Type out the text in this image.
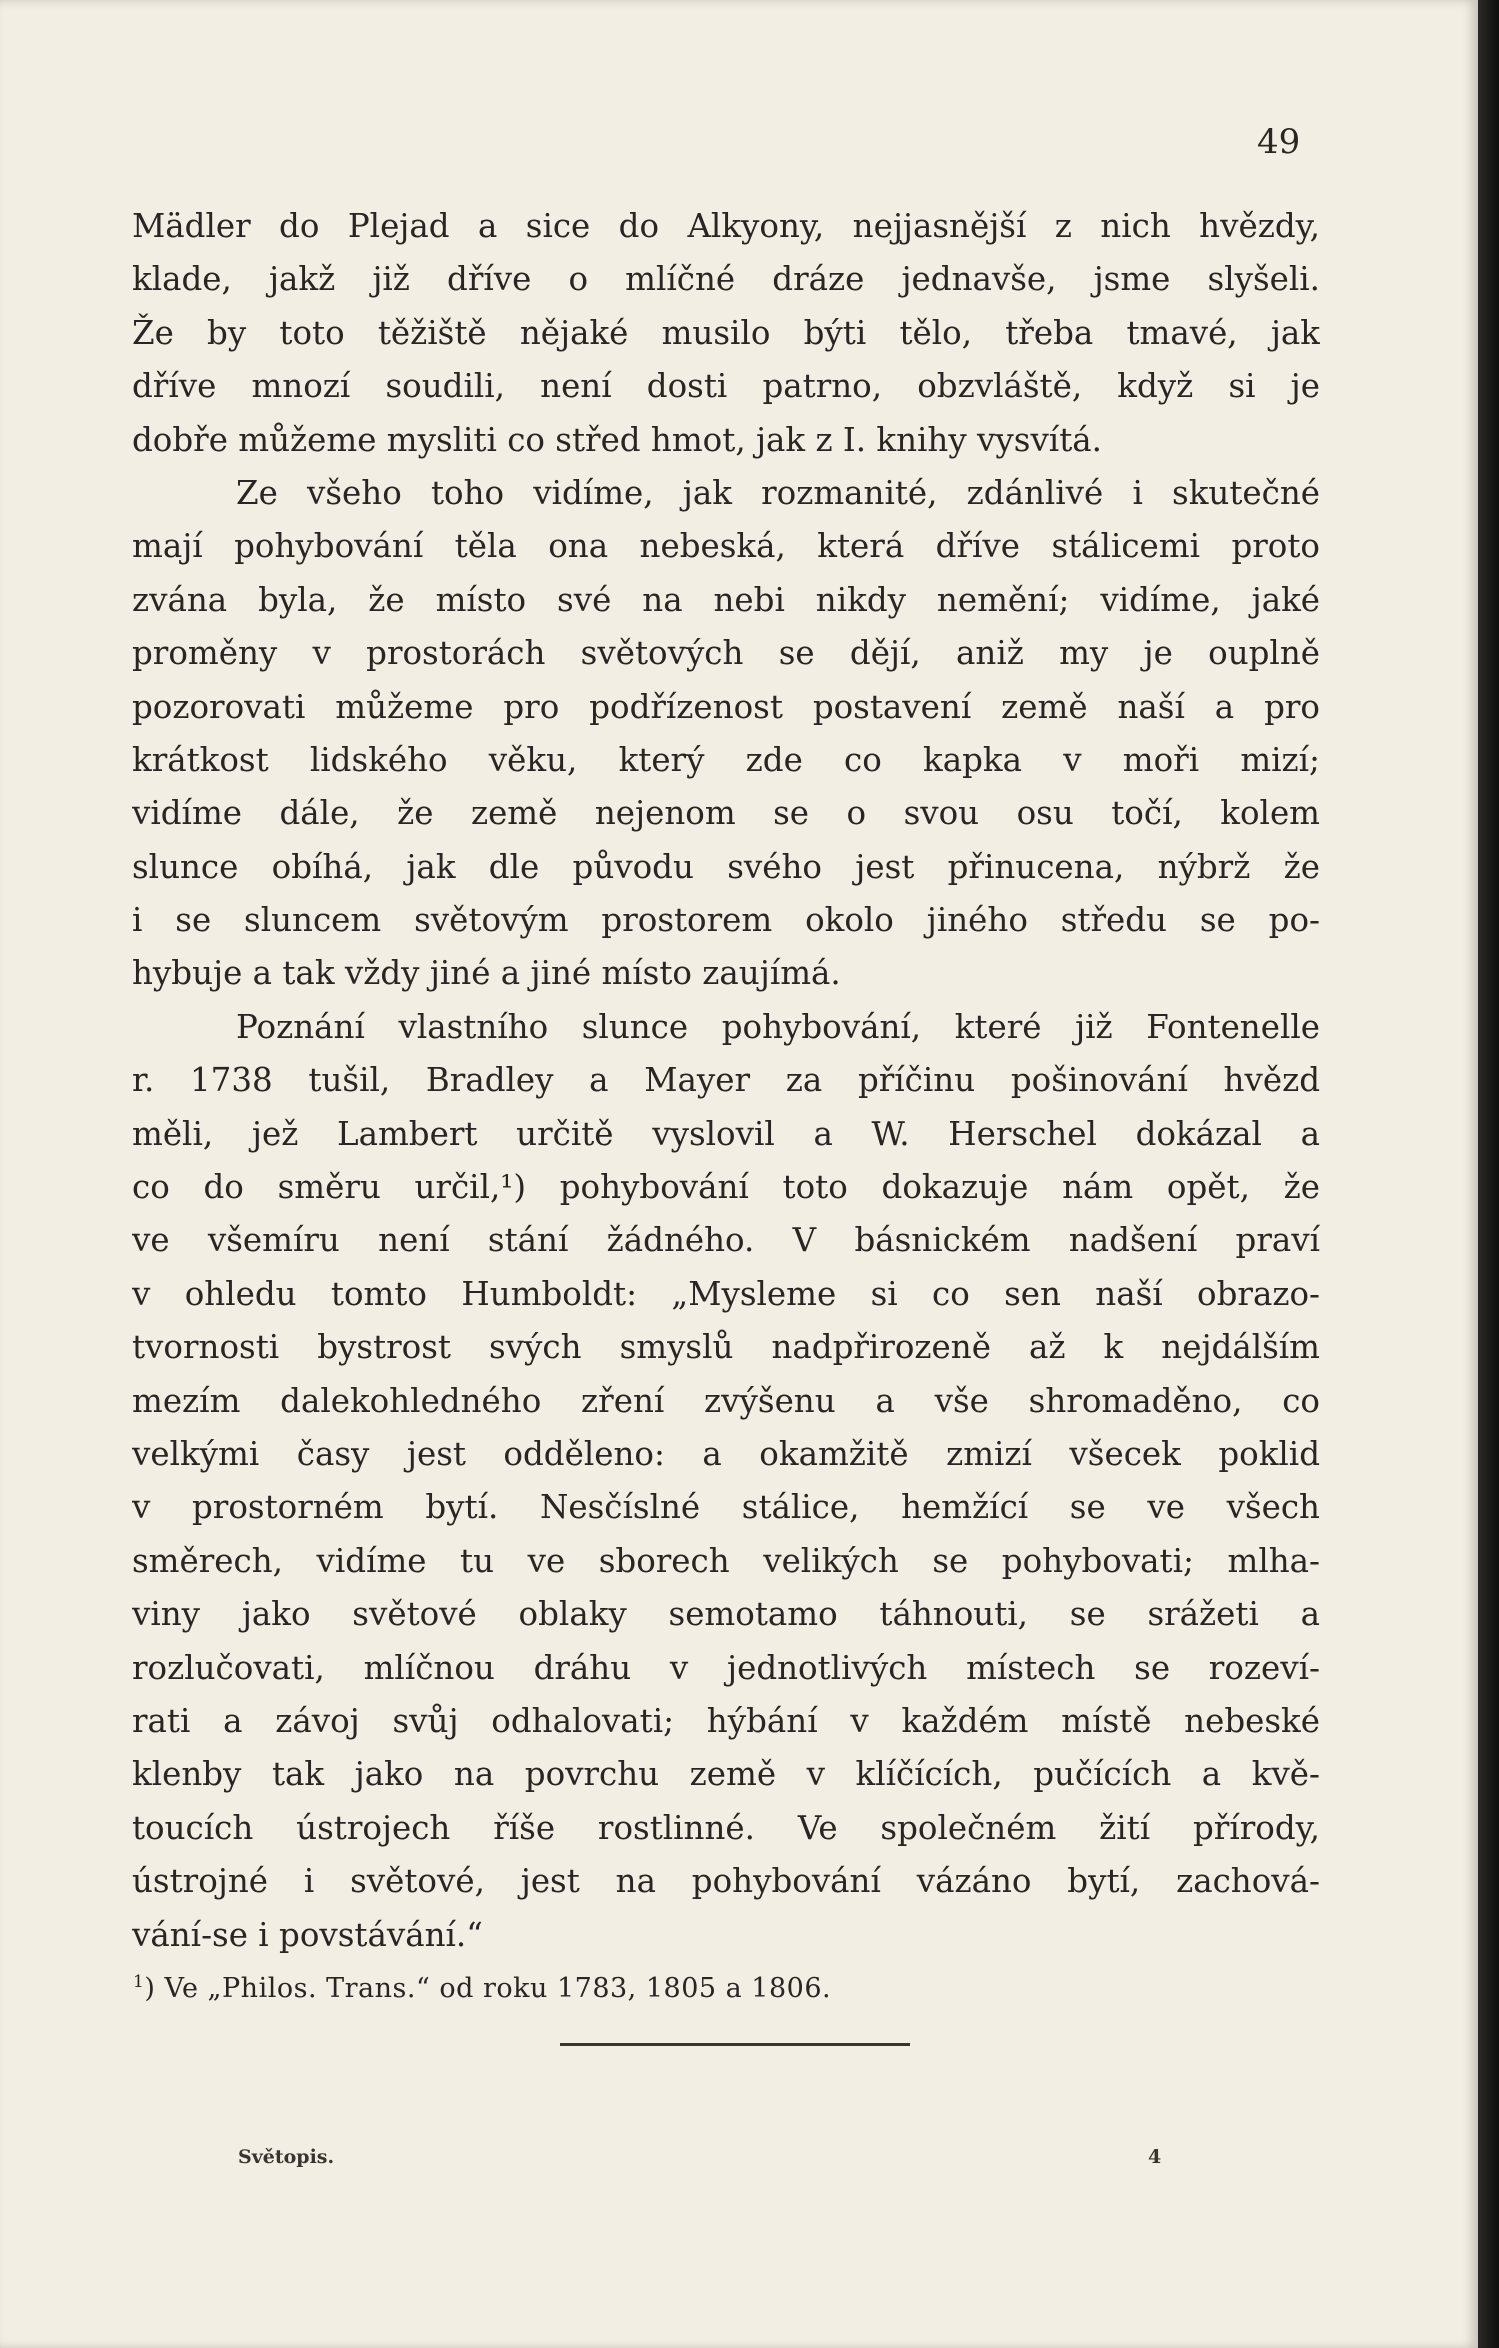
49
Mädler do Plejad a sice do Alkyony, nejjasnější z nich hvězdy,
klade, jakž již dříve o mlíčné dráze jednavše, jsme slyšeli.
Že by toto těžiště nějaké musilo býti tělo, třeba tmavé, jak
dříve mnozí soudili, není dosti patrno, obzvláště, když si je
dobře můžeme mysliti co střed hmot, jak z I. knihy vysvítá.
Ze všeho toho vidíme, jak rozmanité, zdánlivé i skutečné
mají pohybování těla ona nebeská, která dříve stálicemi proto
zvána byla, že místo své na nebi nikdy nemění; vidíme, jaké
proměny v prostorách světových se dějí, aniž my je ouplně
pozorovati můžeme pro podřízenost postavení země naší a pro
krátkost lidského věku, který zde co kapka v moři mizí;
vidíme dále, že země nejenom se o svou osu točí, kolem
slunce obíhá, jak dle původu svého jest přinucena, nýbrž že
i se sluncem světovým prostorem okolo jiného středu se po-
hybuje a tak vždy jiné a jiné místo zaujímá.
Poznání vlastního slunce pohybování, které již Fontenelle
r. 1738 tušil, Bradley a Mayer za příčinu pošinování hvězd
měli, jež Lambert určitě vyslovil a W. Herschel dokázal a
co do směru určil,¹) pohybování toto dokazuje nám opět, že
ve všemíru není stání žádného. V básnickém nadšení praví
v ohledu tomto Humboldt: „Mysleme si co sen naší obrazo-
tvornosti bystrost svých smyslů nadpřirozeně až k nejdálším
mezím dalekohledného zření zvýšenu a vše shromaděno, co
velkými časy jest odděleno: a okamžitě zmizí všecek poklid
v prostorném bytí. Nesčíslné stálice, hemžící se ve všech
směrech, vidíme tu ve sborech velikých se pohybovati; mlha-
viny jako světové oblaky semotamo táhnouti, se srážeti a
rozlučovati, mlíčnou dráhu v jednotlivých místech se rozeví-
rati a závoj svůj odhalovati; hýbání v každém místě nebeské
klenby tak jako na povrchu země v klíčících, pučících a kvě-
toucích ústrojech říše rostlinné. Ve společném žití přírody,
ústrojné i světové, jest na pohybování vázáno bytí, zachová-
vání-se i povstávání.“
$^1$) Ve „Philos. Trans.“ od roku 1783, 1805 a 1806.
Světopis.	4
